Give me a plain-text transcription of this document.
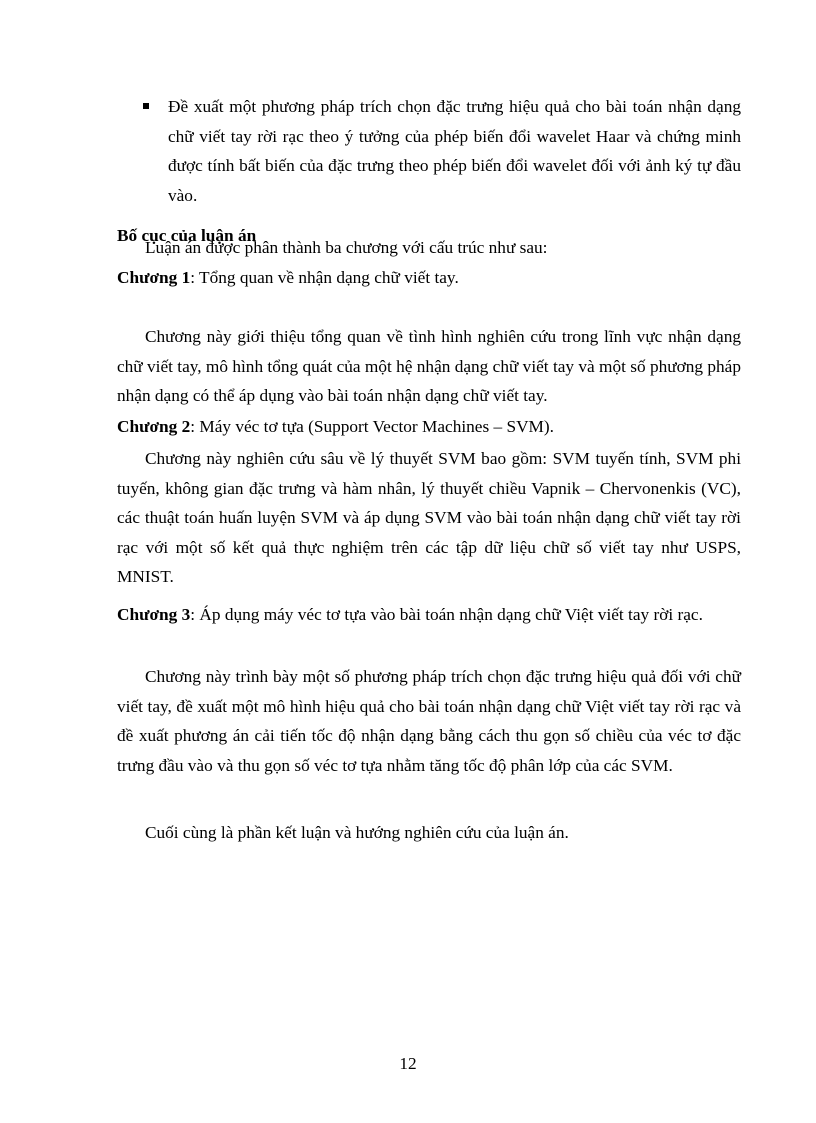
Đề xuất một phương pháp trích chọn đặc trưng hiệu quả cho bài toán nhận dạng chữ viết tay rời rạc theo ý tưởng của phép biến đổi wavelet Haar và chứng minh được tính bất biến của đặc trưng theo phép biến đổi wavelet đối với ảnh ký tự đầu vào.
Bố cục của luận án

Luận án được phân thành ba chương với cấu trúc như sau:

Chương 1: Tổng quan về nhận dạng chữ viết tay.

Chương này giới thiệu tổng quan về tình hình nghiên cứu trong lĩnh vực nhận dạng chữ viết tay, mô hình tổng quát của một hệ nhận dạng chữ viết tay và một số phương pháp nhận dạng có thể áp dụng vào bài toán nhận dạng chữ viết tay.

Chương 2: Máy véc tơ tựa (Support Vector Machines – SVM).

Chương này nghiên cứu sâu về lý thuyết SVM bao gồm: SVM tuyến tính, SVM phi tuyến, không gian đặc trưng và hàm nhân, lý thuyết chiều Vapnik – Chervonenkis (VC), các thuật toán huấn luyện SVM và áp dụng SVM vào bài toán nhận dạng chữ viết tay rời rạc với một số kết quả thực nghiệm trên các tập dữ liệu chữ số viết tay như USPS, MNIST.

Chương 3: Áp dụng máy véc tơ tựa vào bài toán nhận dạng chữ Việt viết tay rời rạc.

Chương này trình bày một số phương pháp trích chọn đặc trưng hiệu quả đối với chữ viết tay, đề xuất một mô hình hiệu quả cho bài toán nhận dạng chữ Việt viết tay rời rạc và đề xuất phương án cải tiến tốc độ nhận dạng bằng cách thu gọn số chiều của véc tơ đặc trưng đầu vào và thu gọn số véc tơ tựa nhằm tăng tốc độ phân lớp của các SVM.

Cuối cùng là phần kết luận và hướng nghiên cứu của luận án.

12
